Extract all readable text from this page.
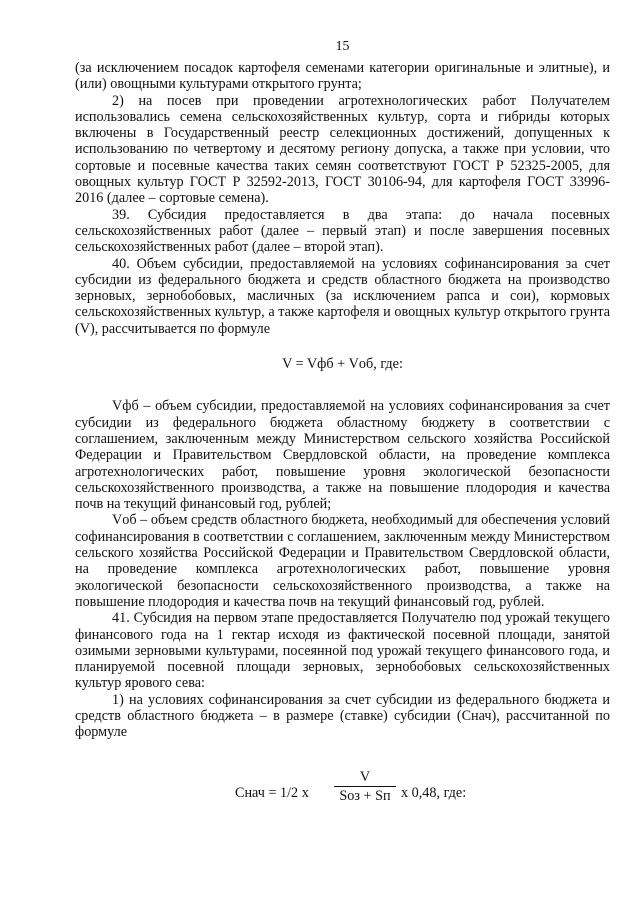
15

(за исключением посадок картофеля семенами категории оригинальные и элитные), и (или) овощными культурами открытого грунта;

2) на посев при проведении агротехнологических работ Получателем использовались семена сельскохозяйственных культур, сорта и гибриды которых включены в Государственный реестр селекционных достижений, допущенных к использованию по четвертому и десятому региону допуска, а также при условии, что сортовые и посевные качества таких семян соответствуют ГОСТ Р 52325-2005, для овощных культур ГОСТ Р 32592-2013, ГОСТ 30106-94, для картофеля ГОСТ 33996-2016 (далее – сортовые семена).

39. Субсидия предоставляется в два этапа: до начала посевных сельскохозяйственных работ (далее – первый этап) и после завершения посевных сельскохозяйственных работ (далее – второй этап).

40. Объем субсидии, предоставляемой на условиях софинансирования за счет субсидии из федерального бюджета и средств областного бюджета на производство зерновых, зернобобовых, масличных (за исключением рапса и сои), кормовых сельскохозяйственных культур, а также картофеля и овощных культур открытого грунта (V), рассчитывается по формуле

V = Vфб + Vоб, где:

Vфб – объем субсидии, предоставляемой на условиях софинансирования за счет субсидии из федерального бюджета областному бюджету в соответствии с соглашением, заключенным между Министерством сельского хозяйства Российской Федерации и Правительством Свердловской области, на проведение комплекса агротехнологических работ, повышение уровня экологической безопасности сельскохозяйственного производства, а также на повышение плодородия и качества почв на текущий финансовый год, рублей;

Vоб – объем средств областного бюджета, необходимый для обеспечения условий софинансирования в соответствии с соглашением, заключенным между Министерством сельского хозяйства Российской Федерации и Правительством Свердловской области, на проведение комплекса агротехнологических работ, повышение уровня экологической безопасности сельскохозяйственного производства, а также на повышение плодородия и качества почв на текущий финансовый год, рублей.

41. Субсидия на первом этапе предоставляется Получателю под урожай текущего финансового года на 1 гектар исходя из фактической посевной площади, занятой озимыми зерновыми культурами, посеянной под урожай текущего финансового года, и планируемой посевной площади зерновых, зернобобовых сельскохозяйственных культур ярового сева:

1) на условиях софинансирования за счет субсидии из федерального бюджета и средств областного бюджета – в размере (ставке) субсидии (Снач), рассчитанной по формуле

Снач = 1/2 x
V
Sоз + Sп x 0,48, где:
